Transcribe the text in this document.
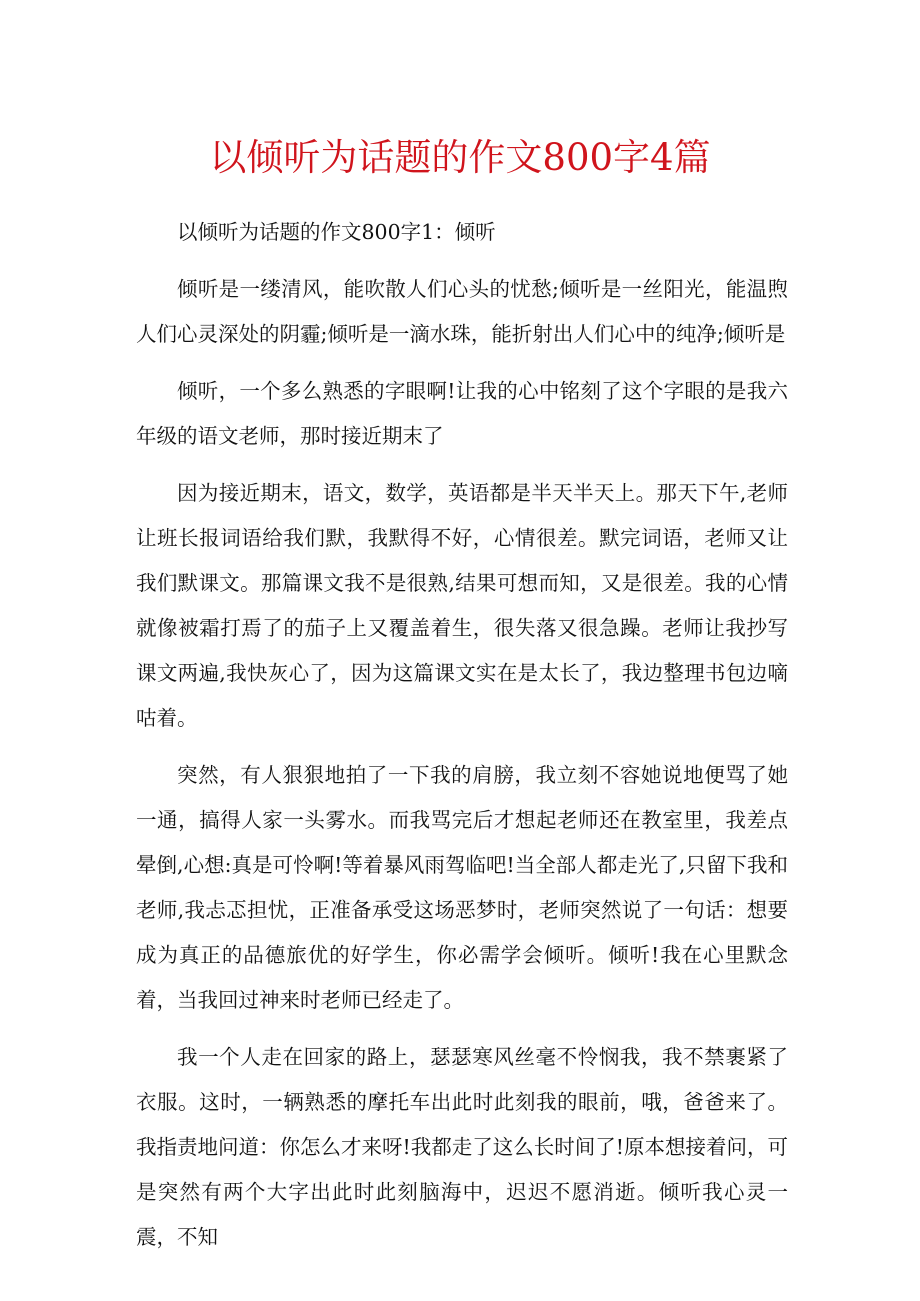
以倾听为话题的作文800字4篇

以倾听为话题的作文800字1：倾听

倾听是一缕清风，能吹散人们心头的忧愁;倾听是一丝阳光，能温煦人们心灵深处的阴霾;倾听是一滴水珠，能折射出人们心中的纯净;倾听是

倾听，一个多么熟悉的字眼啊!让我的心中铭刻了这个字眼的是我六年级的语文老师，那时接近期末了

因为接近期末，语文，数学，英语都是半天半天上。那天下午,老师让班长报词语给我们默，我默得不好，心情很差。默完词语，老师又让我们默课文。那篇课文我不是很熟,结果可想而知，又是很差。我的心情就像被霜打焉了的茄子上又覆盖着生，很失落又很急躁。老师让我抄写课文两遍,我快灰心了，因为这篇课文实在是太长了，我边整理书包边嘀咕着。

突然，有人狠狠地拍了一下我的肩膀，我立刻不容她说地便骂了她一通，搞得人家一头雾水。而我骂完后才想起老师还在教室里，我差点晕倒,心想:真是可怜啊!等着暴风雨驾临吧!当全部人都走光了,只留下我和老师,我忐忑担忧，正准备承受这场恶梦时，老师突然说了一句话：想要成为真正的品德旅优的好学生，你必需学会倾听。倾听!我在心里默念着，当我回过神来时老师已经走了。

我一个人走在回家的路上，瑟瑟寒风丝毫不怜悯我，我不禁裹紧了衣服。这时，一辆熟悉的摩托车出此时此刻我的眼前，哦，爸爸来了。我指责地问道：你怎么才来呀!我都走了这么长时间了!原本想接着问，可是突然有两个大字出此时此刻脑海中，迟迟不愿消逝。倾听我心灵一震，不知
